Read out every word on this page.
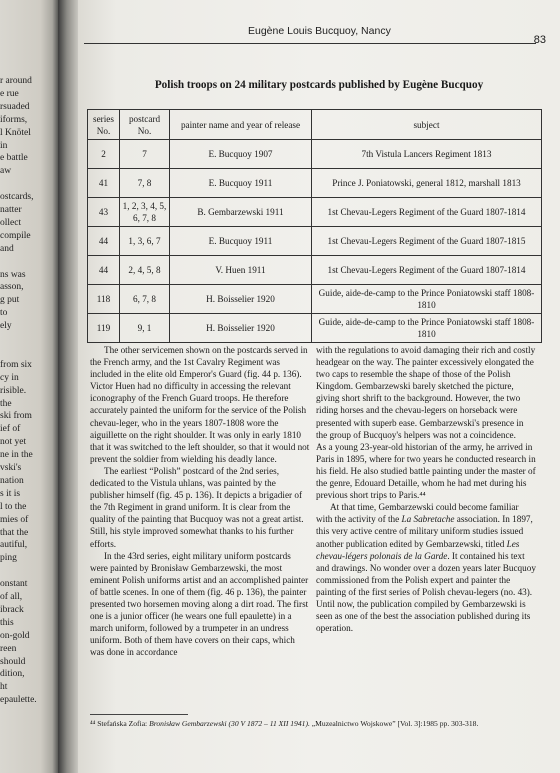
r around
e rue
rsuaded
iforms,
l Knötel
in
e battle
aw
ostcards,
natter
ollect
compile
and
ns was
asson,
g put
to
ely
from six
cy in
risible.
the
ski from
ief of
not yet
ne in the
vski's
nation
s it is
l to the
mies of
that the
autiful,
ping
onstant
of all,
ibrack
this
on-gold
reen
should
dition,
ht
epaulette.
Eugène Louis Bucquoy, Nancy
83
Polish troops on 24 military postcards published by Eugène Bucquoy
series No.	postcard No.	painter name and year of release	subject
2	7	E. Bucquoy 1907	7th Vistula Lancers Regiment 1813
41	7, 8	E. Bucquoy 1911	Prince J. Poniatowski, general 1812, marshall 1813
43	1, 2, 3, 4, 5, 6, 7, 8	B. Gembarzewski 1911	1st Chevau-Legers Regiment of the Guard 1807-1814
44	1, 3, 6, 7	E. Bucquoy 1911	1st Chevau-Legers Regiment of the Guard 1807-1815
44	2, 4, 5, 8	V. Huen 1911	1st Chevau-Legers Regiment of the Guard 1807-1814
118	6, 7, 8	H. Boisselier 1920	Guide, aide-de-camp to the Prince Poniatowski staff 1808-1810
119	9, 1	H. Boisselier 1920	Guide, aide-de-camp to the Prince Poniatowski staff 1808-1810

The other servicemen shown on the postcards served in the French army, and the 1st Cavalry Regiment was included in the elite old Emperor's Guard (fig. 44 p. 136). Victor Huen had no difficulty in accessing the relevant iconography of the French Guard troops. He therefore accurately painted the uniform for the service of the Polish chevau-leger, who in the years 1807-1808 wore the aiguillette on the right shoulder. It was only in early 1810 that it was switched to the left shoulder, so that it would not prevent the soldier from wielding his deadly lance.

The earliest “Polish” postcard of the 2nd series, dedicated to the Vistula uhlans, was painted by the publisher himself (fig. 45 p. 136). It depicts a brigadier of the 7th Regiment in grand uniform. It is clear from the quality of the painting that Bucquoy was not a great artist. Still, his style improved somewhat thanks to his further efforts.

In the 43rd series, eight military uniform postcards were painted by Bronisław Gembarzewski, the most eminent Polish uniforms artist and an accomplished painter of battle scenes. In one of them (fig. 46 p. 136), the painter presented two horsemen moving along a dirt road. The first one is a junior officer (he wears one full epaulette) in a march uniform, followed by a trumpeter in an undress uniform. Both of them have covers on their caps, which was done in accordance

with the regulations to avoid damaging their rich and costly headgear on the way. The painter excessively elongated the two caps to resemble the shape of those of the Polish Kingdom. Gembarzewski barely sketched the picture, giving short shrift to the background. However, the two riding horses and the chevau-legers on horseback were presented with superb ease. Gembarzewski's presence in the group of Bucquoy's helpers was not a coincidence.

As a young 23-year-old historian of the army, he arrived in Paris in 1895, where for two years he conducted research in his field. He also studied battle painting under the master of the genre, Edouard Detaille, whom he had met during his previous short trips to Paris.⁴⁴

At that time, Gembarzewski could become familiar with the activity of the La Sabretache association. In 1897, this very active centre of military uniform studies issued another publication edited by Gembarzewski, titled Les chevau-légers polonais de la Garde. It contained his text and drawings. No wonder over a dozen years later Bucquoy commissioned from the Polish expert and painter the painting of the first series of Polish chevau-legers (no. 43). Until now, the publication compiled by Gembarzewski is seen as one of the best the association published during its operation.

⁴⁴ Stefańska Zofia: Bronisław Gembarzewski (30 V 1872 – 11 XII 1941). „Muzealnictwo Wojskowe” [Vol. 3]:1985 pp. 303-318.
